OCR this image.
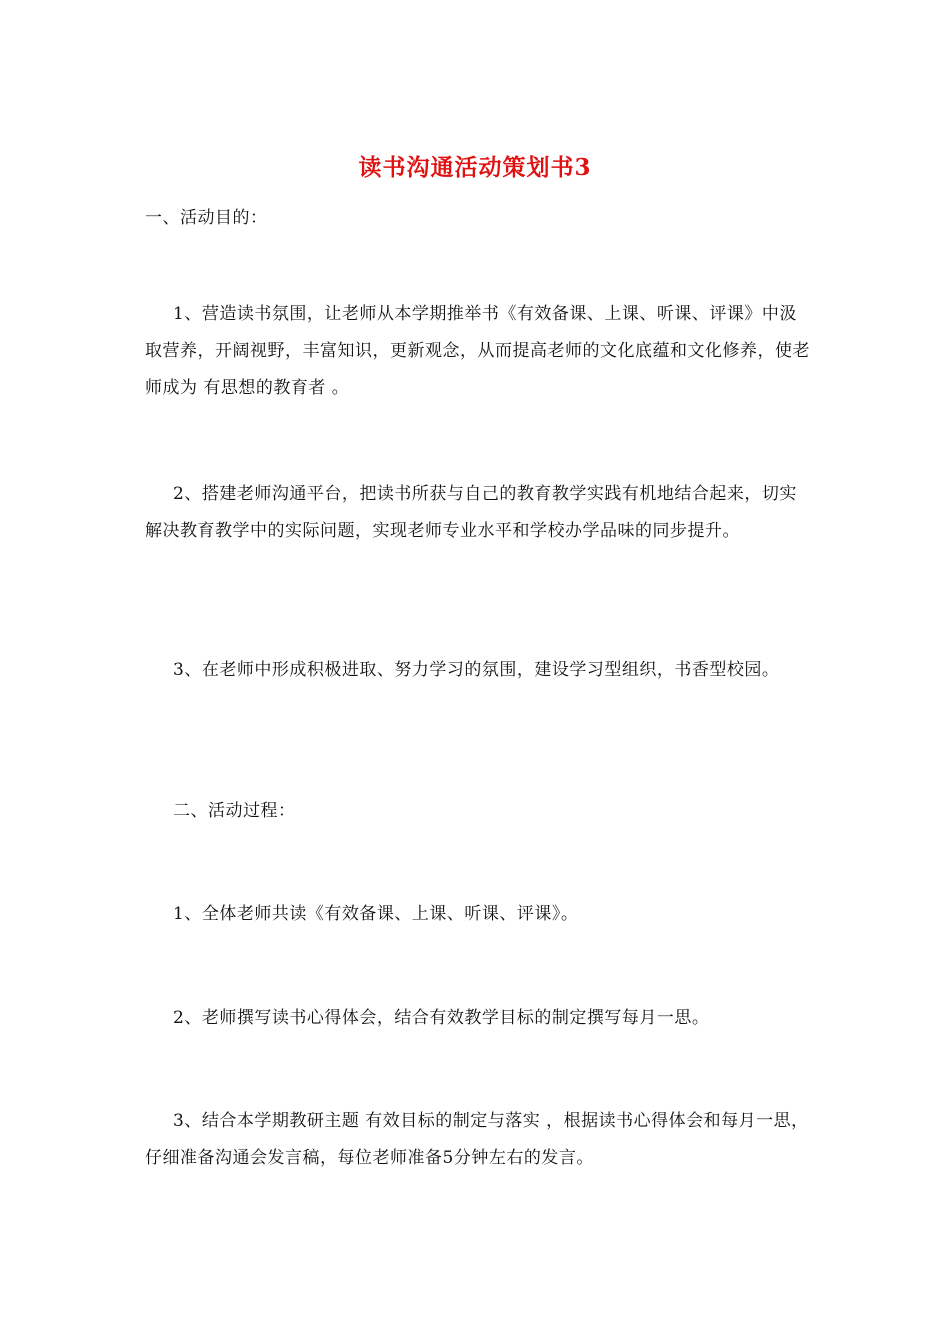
读书沟通活动策划书3

一、活动目的：

1、营造读书氛围，让老师从本学期推举书《有效备课、上课、听课、评课》中汲取营养，开阔视野，丰富知识，更新观念，从而提高老师的文化底蕴和文化修养，使老师成为 有思想的教育者 。

2、搭建老师沟通平台，把读书所获与自己的教育教学实践有机地结合起来，切实解决教育教学中的实际问题，实现老师专业水平和学校办学品味的同步提升。

3、在老师中形成积极进取、努力学习的氛围，建设学习型组织，书香型校园。

二、活动过程：

1、全体老师共读《有效备课、上课、听课、评课》。

2、老师撰写读书心得体会，结合有效教学目标的制定撰写每月一思。

3、结合本学期教研主题 有效目标的制定与落实 ，根据读书心得体会和每月一思，仔细准备沟通会发言稿，每位老师准备5分钟左右的发言。
